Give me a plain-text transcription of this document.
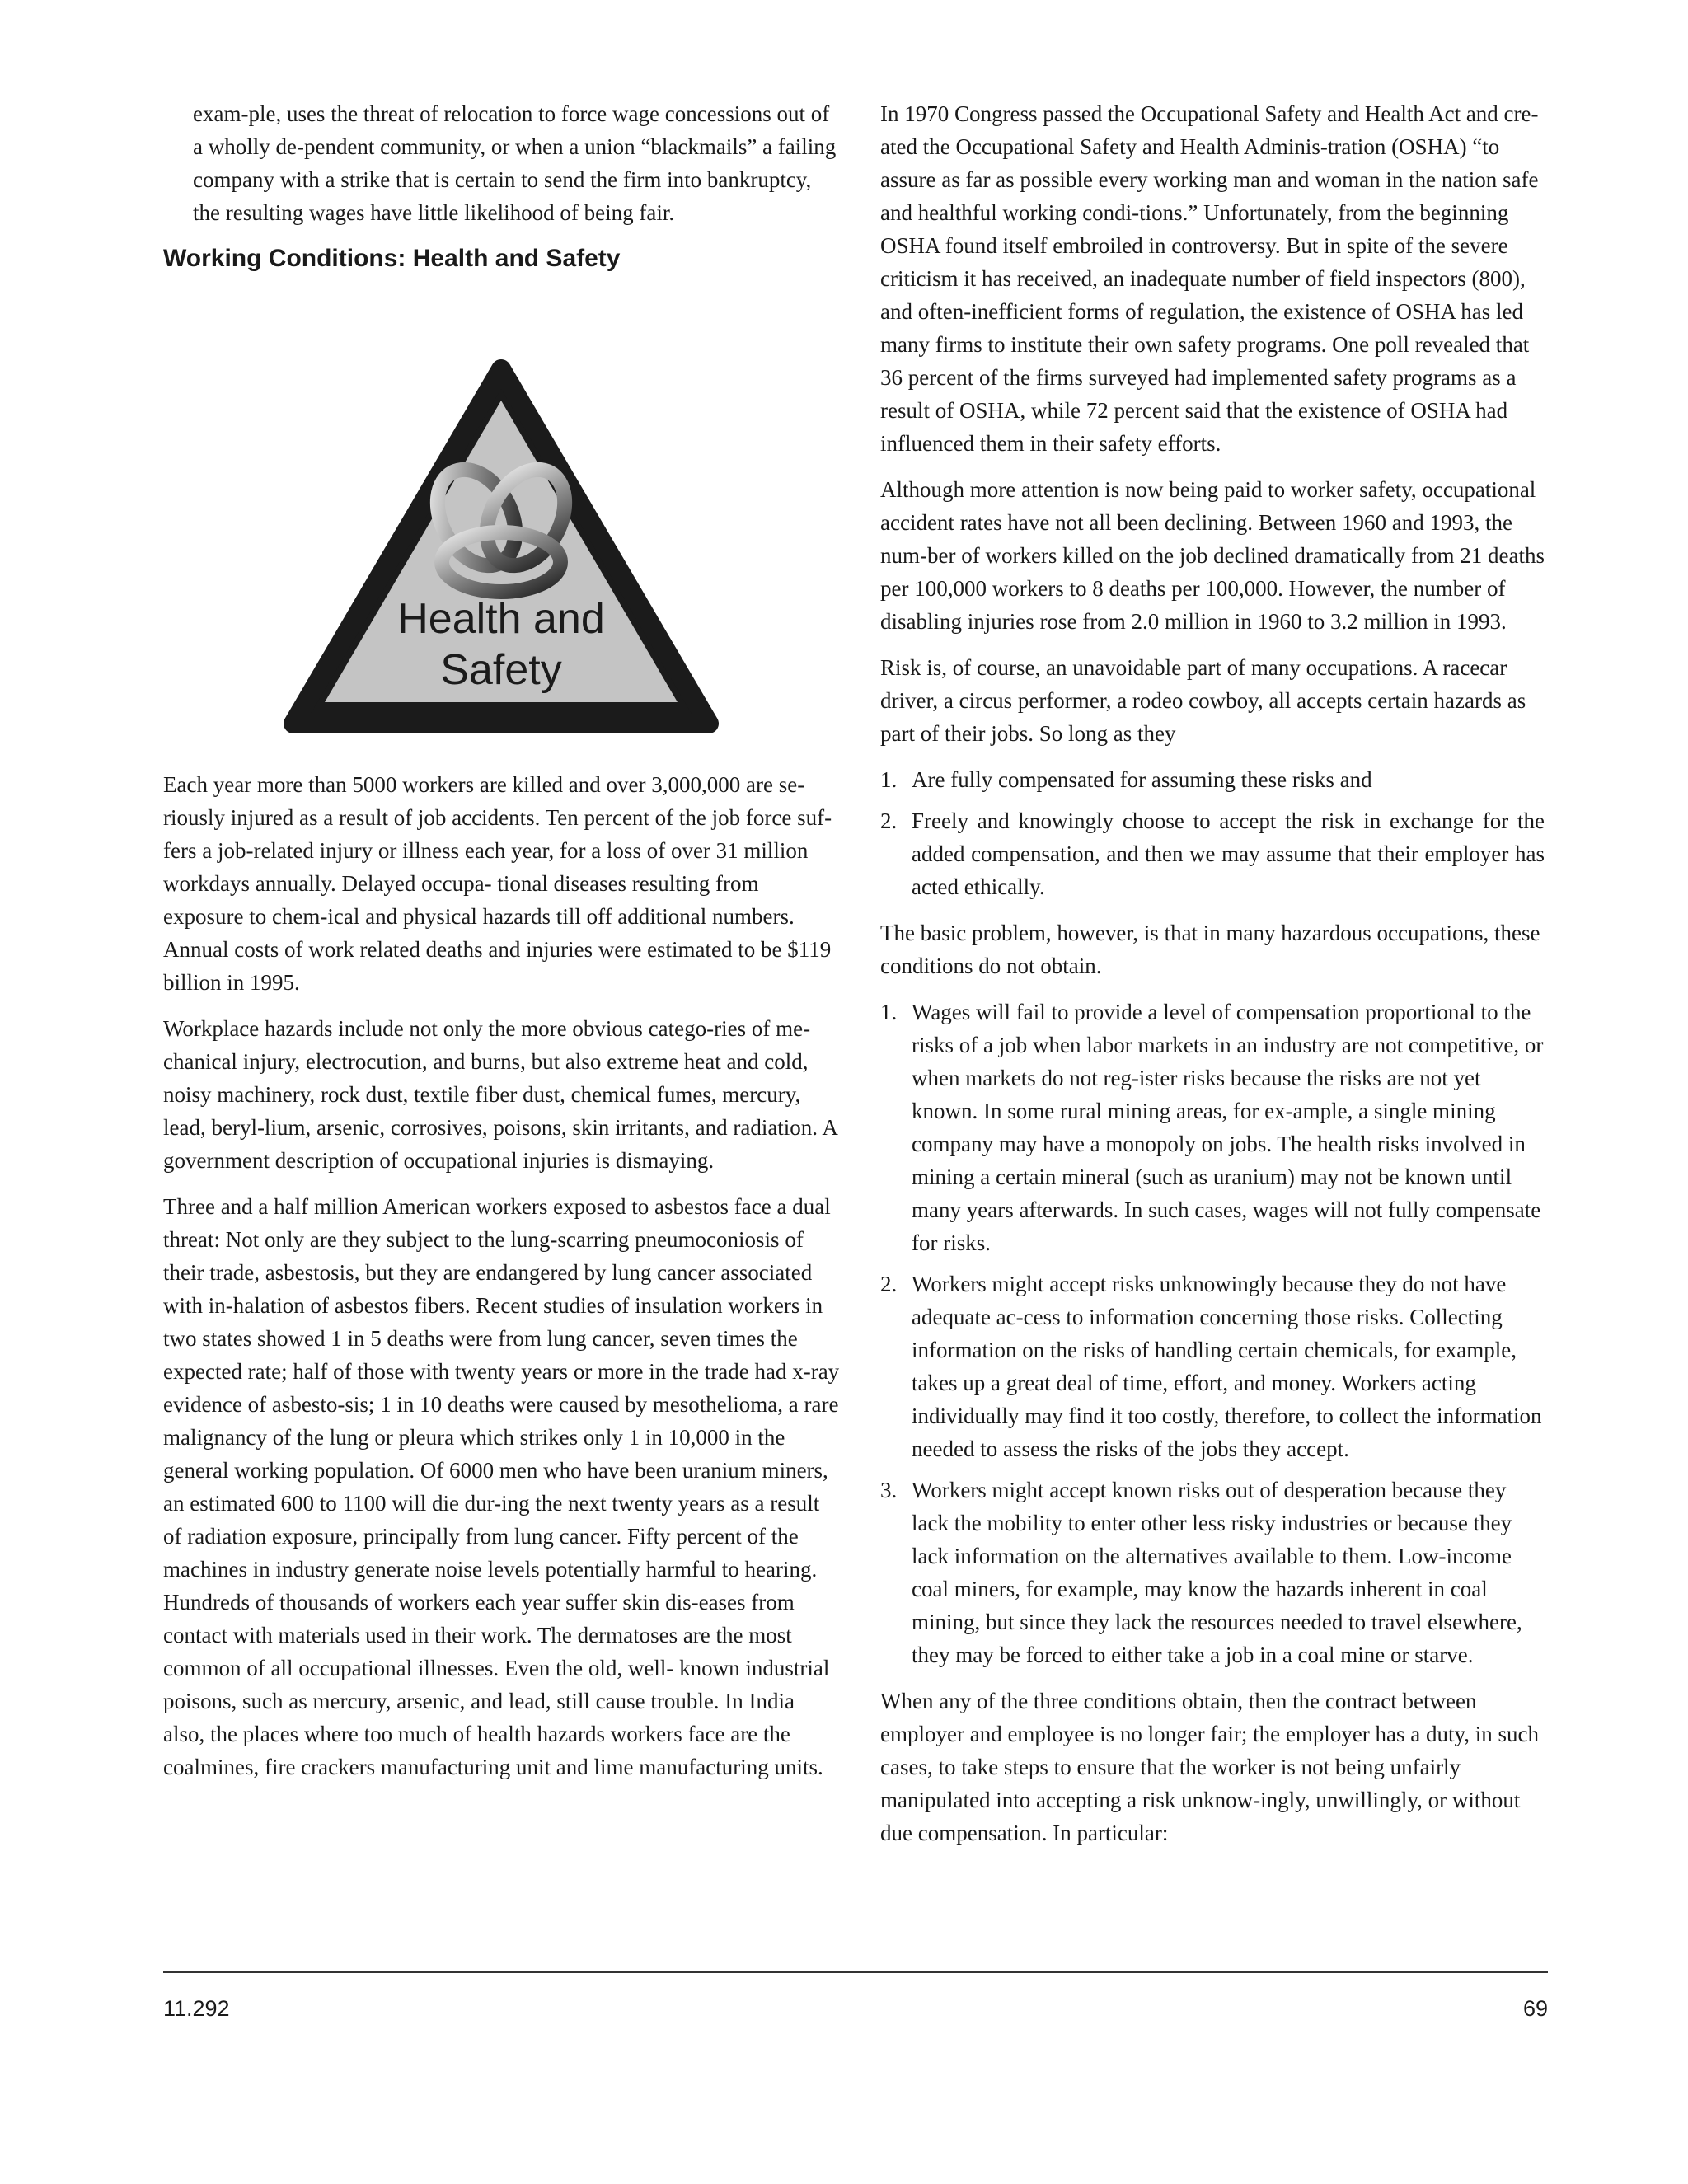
exam-ple, uses the threat of relocation to force wage concessions out of a wholly de-pendent community, or when a union “blackmails” a failing company with a strike that is certain to send the firm into bankruptcy, the resulting wages have little likelihood of being fair.

Working Conditions: Health and Safety
Health and
Safety

Each year more than 5000 workers are killed and over 3,000,000 are se-riously injured as a result of job accidents. Ten percent of the job force suf-fers a job-related injury or illness each year, for a loss of over 31 million workdays annually. Delayed occupa- tional diseases resulting from exposure to chem-ical and physical hazards till off additional numbers. Annual costs of work related deaths and injuries were estimated to be $119 billion in 1995.

Workplace hazards include not only the more obvious catego-ries of me-chanical injury, electrocution, and burns, but also extreme heat and cold, noisy machinery, rock dust, textile fiber dust, chemical fumes, mercury, lead, beryl-lium, arsenic, corrosives, poisons, skin irritants, and radiation. A government description of occupational injuries is dismaying.

Three and a half million American workers exposed to asbestos face a dual threat: Not only are they subject to the lung-scarring pneumoconiosis of their trade, asbestosis, but they are endangered by lung cancer associated with in-halation of asbestos fibers. Recent studies of insulation workers in two states showed 1 in 5 deaths were from lung cancer, seven times the expected rate; half of those with twenty years or more in the trade had x-ray evidence of asbesto-sis; 1 in 10 deaths were caused by mesothelioma, a rare malignancy of the lung or pleura which strikes only 1 in 10,000 in the general working population. Of 6000 men who have been uranium miners, an estimated 600 to 1100 will die dur-ing the next twenty years as a result of radiation exposure, principally from lung cancer. Fifty percent of the machines in industry generate noise levels potentially harmful to hearing. Hundreds of thousands of workers each year suffer skin dis-eases from contact with materials used in their work. The dermatoses are the most common of all occupational illnesses. Even the old, well- known industrial poisons, such as mercury, arsenic, and lead, still cause trouble. In India also, the places where too much of health hazards workers face are the coalmines, fire crackers manufacturing unit and lime manufacturing units.

In 1970 Congress passed the Occupational Safety and Health Act and cre-ated the Occupational Safety and Health Adminis-tration (OSHA) “to assure as far as possible every working man and woman in the nation safe and healthful working condi-tions.” Unfortunately, from the beginning OSHA found itself embroiled in controversy. But in spite of the severe criticism it has received, an inadequate number of field inspectors (800), and often-inefficient forms of regulation, the existence of OSHA has led many firms to institute their own safety programs. One poll revealed that 36 percent of the firms surveyed had implemented safety programs as a result of OSHA, while 72 percent said that the existence of OSHA had influenced them in their safety efforts.

Although more attention is now being paid to worker safety, occupational accident rates have not all been declining. Between 1960 and 1993, the num-ber of workers killed on the job declined dramatically from 21 deaths per 100,000 workers to 8 deaths per 100,000. However, the number of disabling injuries rose from 2.0 million in 1960 to 3.2 million in 1993.

Risk is, of course, an unavoidable part of many occupations. A racecar driver, a circus performer, a rodeo cowboy, all accepts certain hazards as part of their jobs. So long as they

1. Are fully compensated for assuming these risks and
2. Freely and knowingly choose to accept the risk in exchange for the added compensation, and then we may assume that their employer has acted ethically.

The basic problem, however, is that in many hazardous occupations, these conditions do not obtain.

1. Wages will fail to provide a level of compensation proportional to the risks of a job when labor markets in an industry are not competitive, or when markets do not reg-ister risks because the risks are not yet known. In some rural mining areas, for ex-ample, a single mining company may have a monopoly on jobs. The health risks involved in mining a certain mineral (such as uranium) may not be known until many years afterwards. In such cases, wages will not fully compensate for risks.
2. Workers might accept risks unknowingly because they do not have adequate ac-cess to information concerning those risks. Collecting information on the risks of handling certain chemicals, for example, takes up a great deal of time, effort, and money. Workers acting individually may find it too costly, therefore, to collect the information needed to assess the risks of the jobs they accept.
3. Workers might accept known risks out of desperation because they lack the mobility to enter other less risky industries or because they lack information on the alternatives available to them. Low-income coal miners, for example, may know the hazards inherent in coal mining, but since they lack the resources needed to travel elsewhere, they may be forced to either take a job in a coal mine or starve.

When any of the three conditions obtain, then the contract between employer and employee is no longer fair; the employer has a duty, in such cases, to take steps to ensure that the worker is not being unfairly manipulated into accepting a risk unknow-ingly, unwillingly, or without due compensation. In particular:

11.292	69
